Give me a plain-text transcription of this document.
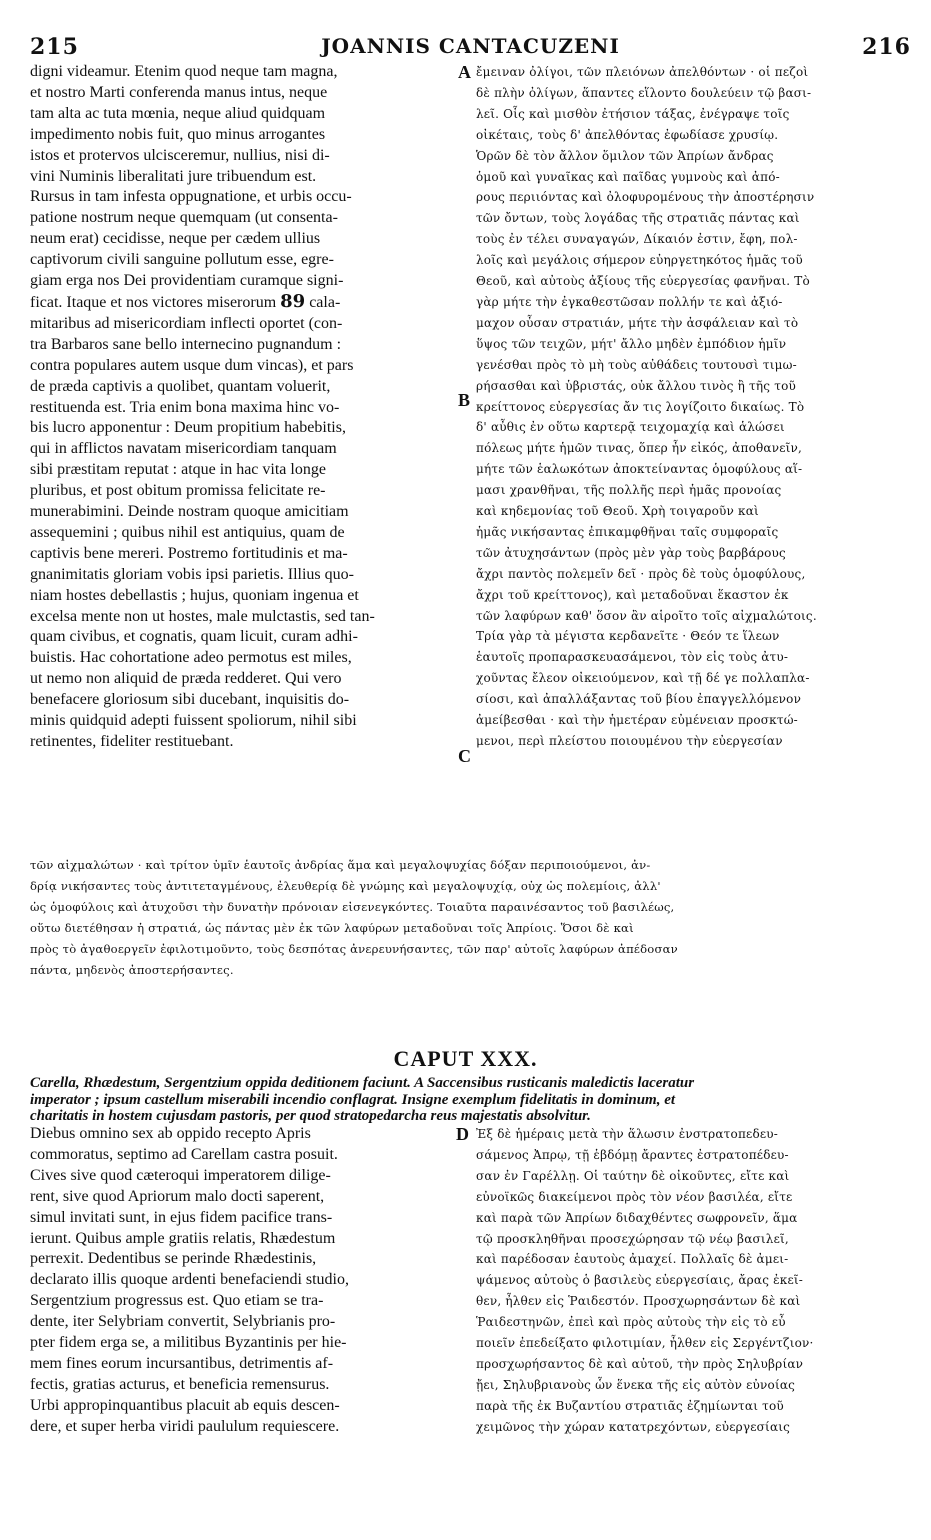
215	JOANNIS CANTACUZENI	216
digni videamur. Etenim quod neque tam magna,
et nostro Marti conferenda manus intus, neque
tam alta ac tuta mœnia, neque aliud quidquam
impedimento nobis fuit, quo minus arrogantes
istos et protervos ulcisceremur, nullius, nisi di-
vini Numinis liberalitati jure tribuendum est.
Rursus in tam infesta oppugnatione, et urbis occu-
patione nostrum neque quemquam (ut consenta-
neum erat) cecidisse, neque per cædem ullius
captivorum civili sanguine pollutum esse, egre-
giam erga nos Dei providentiam curamque signi-
ficat. Itaque et nos victores miserorum 89 cala-
mitaribus ad misericordiam inflecti oportet (con-
tra Barbaros sane bello internecino pugnandum :
contra populares autem usque dum vincas), et pars
de præda captivis a quolibet, quantam voluerit,
restituenda est. Tria enim bona maxima hinc vo-
bis lucro apponentur : Deum propitium habebitis,
qui in afflictos navatam misericordiam tanquam
sibi præstitam reputat : atque in hac vita longe
pluribus, et post obitum promissa felicitate re-
munerabimini. Deinde nostram quoque amicitiam
assequemini ; quibus nihil est antiquius, quam de
captivis bene mereri. Postremo fortitudinis et ma-
gnanimitatis gloriam vobis ipsi parietis. Illius quo-
niam hostes debellastis ; hujus, quoniam ingenua et
excelsa mente non ut hostes, male mulctastis, sed tan-
quam civibus, et cognatis, quam licuit, curam adhi-
buistis. Hac cohortatione adeo permotus est miles,
ut nemo non aliquid de præda redderet. Qui vero
benefacere gloriosum sibi ducebant, inquisitis do-
minis quidquid adepti fuissent spoliorum, nihil sibi
retinentes, fideliter restituebant.
ἔμειναν ὀλίγοι, τῶν πλειόνων ἀπελθόντων · οἱ πεζοὶ
δὲ πλὴν ὀλίγων, ἅπαντες εἵλοντο δουλεύειν τῷ βασι-
λεῖ. Οἷς καὶ μισθὸν ἐτήσιον τάξας, ἐνέγραψε τοῖς
οἰκέταις, τοὺς δ' ἀπελθόντας ἐφωδίασε χρυσίῳ.
Ὁρῶν δὲ τὸν ἄλλον ὅμιλον τῶν Ἀπρίων ἄνδρας
ὁμοῦ καὶ γυναῖκας καὶ παῖδας γυμνοὺς καὶ ἀπό-
ρους περιιόντας καὶ ὀλοφυρομένους τὴν ἀποστέρησιν
τῶν ὄντων, τοὺς λογάδας τῆς στρατιᾶς πάντας καὶ
τοὺς ἐν τέλει συναγαγών, Δίκαιόν ἐστιν, ἔφη, πολ-
λοῖς καὶ μεγάλοις σήμερον εὐηργετηκότος ἡμᾶς τοῦ
Θεοῦ, καὶ αὐτοὺς ἀξίους τῆς εὐεργεσίας φανῆναι. Τὸ
γὰρ μήτε τὴν ἐγκαθεστῶσαν πολλήν τε καὶ ἀξιό-
μαχον οὖσαν στρατιάν, μήτε τὴν ἀσφάλειαν καὶ τὸ
ὕψος τῶν τειχῶν, μήτ' ἄλλο μηδὲν ἐμπόδιον ἡμῖν
γενέσθαι πρὸς τὸ μὴ τοὺς αὐθάδεις τουτουσὶ τιμω-
ρήσασθαι καὶ ὑβριστάς, οὐκ ἄλλου τινὸς ἢ τῆς τοῦ
κρείττονος εὐεργεσίας ἄν τις λογίζοιτο δικαίως. Τὸ
δ' αὖθις ἐν οὕτω καρτερᾷ τειχομαχίᾳ καὶ ἁλώσει
πόλεως μήτε ἡμῶν τινας, ὅπερ ἦν εἰκός, ἀποθανεῖν,
μήτε τῶν ἑαλωκότων ἀποκτείναντας ὁμοφύλους αἵ-
μασι χρανθῆναι, τῆς πολλῆς περὶ ἡμᾶς προνοίας
καὶ κηδεμονίας τοῦ Θεοῦ. Χρὴ τοιγαροῦν καὶ
ἡμᾶς νικήσαντας ἐπικαμφθῆναι ταῖς συμφοραῖς
τῶν ἀτυχησάντων (πρὸς μὲν γὰρ τοὺς βαρβάρους
ἄχρι παντὸς πολεμεῖν δεῖ · πρὸς δὲ τοὺς ὁμοφύλους,
ἄχρι τοῦ κρείττονος), καὶ μεταδοῦναι ἕκαστον ἐκ
τῶν λαφύρων καθ' ὅσον ἂν αἱροῖτο τοῖς αἰχμαλώτοις.
Τρία γὰρ τὰ μέγιστα κερδανεῖτε · Θεόν τε ἵλεων
ἑαυτοῖς προπαρασκευασάμενοι, τὸν εἰς τοὺς ἀτυ-
χοῦντας ἔλεον οἰκειούμενον, καὶ τῇ δέ γε πολλαπλα-
σίοσι, καὶ ἀπαλλάξαντας τοῦ βίου ἐπαγγελλόμενον
ἀμείβεσθαι · καὶ τὴν ἡμετέραν εὐμένειαν προσκτώ-
μενοι, περὶ πλείστου ποιουμένου τὴν εὐεργεσίαν
A
B
C
D
τῶν αἰχμαλώτων · καὶ τρίτον ὑμῖν ἑαυτοῖς ἀνδρίας ἅμα καὶ μεγαλοψυχίας δόξαν περιποιούμενοι, ἀν-
δρίᾳ νικήσαντες τοὺς ἀντιτεταγμένους, ἐλευθερίᾳ δὲ γνώμης καὶ μεγαλοψυχίᾳ, οὐχ ὡς πολεμίοις, ἀλλ'
ὡς ὁμοφύλοις καὶ ἀτυχοῦσι τὴν δυνατὴν πρόνοιαν εἰσενεγκόντες. Τοιαῦτα παραινέσαντος τοῦ βασιλέως,
οὕτω διετέθησαν ἡ στρατιά, ὡς πάντας μὲν ἐκ τῶν λαφύρων μεταδοῦναι τοῖς Ἀπρίοις. Ὅσοι δὲ καὶ
πρὸς τὸ ἀγαθοεργεῖν ἐφιλοτιμοῦντο, τοὺς δεσπότας ἀνερευνήσαντες, τῶν παρ' αὐτοῖς λαφύρων ἀπέδοσαν
πάντα, μηδενὸς ἀποστερήσαντες.
CAPUT XXX.
Carella, Rhædestum, Sergentzium oppida deditionem faciunt. A Saccensibus rusticanis maledictis laceratur
imperator ; ipsum castellum miserabili incendio conflagrat. Insigne exemplum fidelitatis in dominum, et
charitatis in hostem cujusdam pastoris, per quod stratopedarcha reus majestatis absolvitur.
Diebus omnino sex ab oppido recepto Apris
commoratus, septimo ad Carellam castra posuit.
Cives sive quod cæteroqui imperatorem dilige-
rent, sive quod Apriorum malo docti saperent,
simul invitati sunt, in ejus fidem pacifice trans-
ierunt. Quibus ample gratiis relatis, Rhædestum
perrexit. Dedentibus se perinde Rhædestinis,
declarato illis quoque ardenti benefaciendi studio,
Sergentzium progressus est. Quo etiam se tra-
dente, iter Selybriam convertit, Selybrianis pro-
pter fidem erga se, a militibus Byzantinis per hie-
mem fines eorum incursantibus, detrimentis af-
fectis, gratias acturus, et beneficia remensurus.
Urbi appropinquantibus placuit ab equis descen-
dere, et super herba viridi paululum requiescere.
Ἐξ δὲ ἡμέραις μετὰ τὴν ἅλωσιν ἐνστρατοπεδευ-
σάμενος Ἀπρῳ, τῇ ἑβδόμῃ ἄραντες ἐστρατοπέδευ-
σαν ἐν Γαρέλλῃ. Οἱ ταύτην δὲ οἰκοῦντες, εἴτε καὶ
εὐνοϊκῶς διακείμενοι πρὸς τὸν νέον βασιλέα, εἴτε
καὶ παρὰ τῶν Ἀπρίων διδαχθέντες σωφρονεῖν, ἅμα
τῷ προσκληθῆναι προσεχώρησαν τῷ νέῳ βασιλεῖ,
καὶ παρέδοσαν ἑαυτοὺς ἀμαχεί. Πολλαῖς δὲ ἀμει-
ψάμενος αὐτοὺς ὁ βασιλεὺς εὐεργεσίαις, ἄρας ἐκεῖ-
θεν, ἦλθεν εἰς Ῥαιδεστόν. Προσχωρησάντων δὲ καὶ
Ῥαιδεστηνῶν, ἐπεὶ καὶ πρὸς αὐτοὺς τὴν εἰς τὸ εὖ
ποιεῖν ἐπεδείξατο φιλοτιμίαν, ἦλθεν εἰς Σεργέντζιον·
προσχωρήσαντος δὲ καὶ αὐτοῦ, τὴν πρὸς Σηλυβρίαν
ᾔει, Σηλυβριανοὺς ὧν ἕνεκα τῆς εἰς αὐτὸν εὐνοίας
παρὰ τῆς ἐκ Βυζαντίου στρατιᾶς ἐζημίωνται τοῦ
χειμῶνος τὴν χώραν κατατρεχόντων, εὐεργεσίαις
